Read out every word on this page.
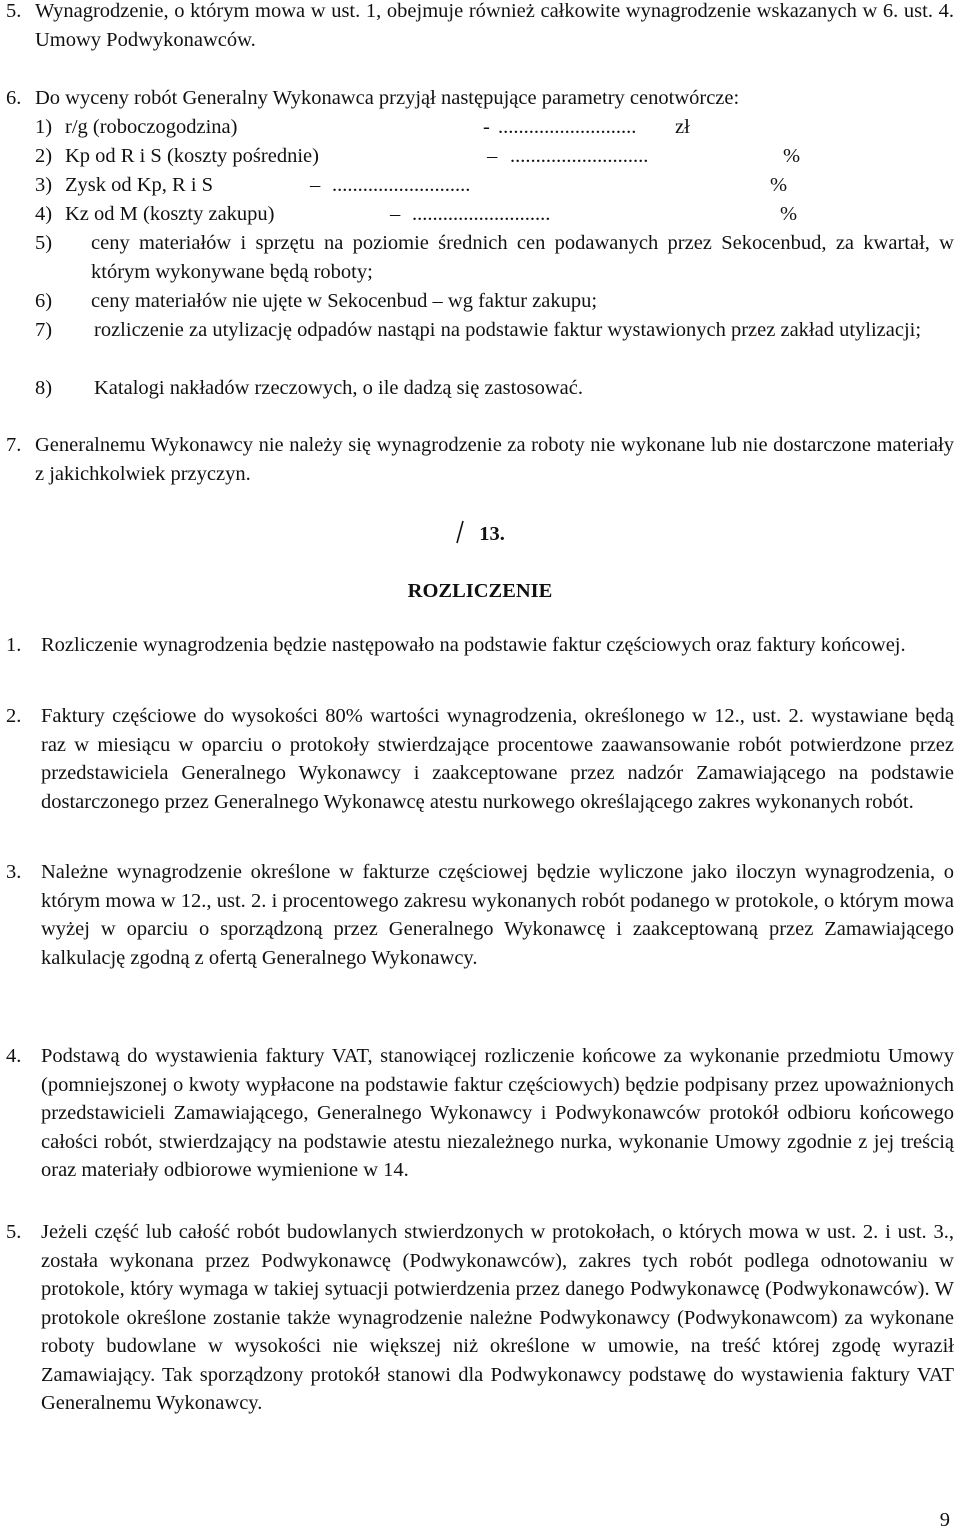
5. Wynagrodzenie, o którym mowa w ust. 1, obejmuje również całkowite wynagrodzenie wskazanych w 6. ust. 4. Umowy Podwykonawców.
6. Do wyceny robót Generalny Wykonawca przyjął następujące parametry cenotwórcze:
1) r/g (roboczogodzina)	- ........................... zł
2) Kp od R i S (koszty pośrednie)	– ...........................	%
3) Zysk od Kp, R i S	– ...........................	%
4) Kz od M (koszty zakupu)	– ...........................	%
5)	ceny materiałów i sprzętu na poziomie średnich cen podawanych przez Sekocenbud, za kwartał, w którym wykonywane będą roboty;
6)	ceny materiałów nie ujęte w Sekocenbud – wg faktur zakupu;
7)	rozliczenie za utylizację odpadów nastąpi na podstawie faktur wystawionych przez zakład utylizacji;
8)	Katalogi nakładów rzeczowych, o ile dadzą się zastosować.
7. Generalnemu Wykonawcy nie należy się wynagrodzenie za roboty nie wykonane lub nie dostarczone materiały z jakichkolwiek przyczyn.
13.
ROZLICZENIE
1. Rozliczenie wynagrodzenia będzie następowało na podstawie faktur częściowych oraz faktury końcowej.
2. Faktury częściowe do wysokości 80% wartości wynagrodzenia, określonego w 12., ust. 2. wystawiane będą raz w miesiącu w oparciu o protokoły stwierdzające procentowe zaawansowanie robót potwierdzone przez przedstawiciela Generalnego Wykonawcy i zaakceptowane przez nadzór Zamawiającego na podstawie dostarczonego przez Generalnego Wykonawcę atestu nurkowego określającego zakres wykonanych robót.
3. Należne wynagrodzenie określone w fakturze częściowej będzie wyliczone jako iloczyn wynagrodzenia, o którym mowa w 12., ust. 2. i procentowego zakresu wykonanych robót podanego w protokole, o którym mowa wyżej w oparciu o sporządzoną przez Generalnego Wykonawcę i zaakceptowaną przez Zamawiającego kalkulację zgodną z ofertą Generalnego Wykonawcy.
4. Podstawą do wystawienia faktury VAT, stanowiącej rozliczenie końcowe za wykonanie przedmiotu Umowy (pomniejszonej o kwoty wypłacone na podstawie faktur częściowych) będzie podpisany przez upoważnionych przedstawicieli Zamawiającego, Generalnego Wykonawcy i Podwykonawców protokół odbioru końcowego całości robót, stwierdzający na podstawie atestu niezależnego nurka, wykonanie Umowy zgodnie z jej treścią oraz materiały odbiorowe wymienione w 14.
5. Jeżeli część lub całość robót budowlanych stwierdzonych w protokołach, o których mowa w ust. 2. i ust. 3., została wykonana przez Podwykonawcę (Podwykonawców), zakres tych robót podlega odnotowaniu w protokole, który wymaga w takiej sytuacji potwierdzenia przez danego Podwykonawcę (Podwykonawców). W protokole określone zostanie także wynagrodzenie należne Podwykonawcy (Podwykonawcom) za wykonane roboty budowlane w wysokości nie większej niż określone w umowie, na treść której zgodę wyraził Zamawiający. Tak sporządzony protokół stanowi dla Podwykonawcy podstawę do wystawienia faktury VAT Generalnemu Wykonawcy.
9
